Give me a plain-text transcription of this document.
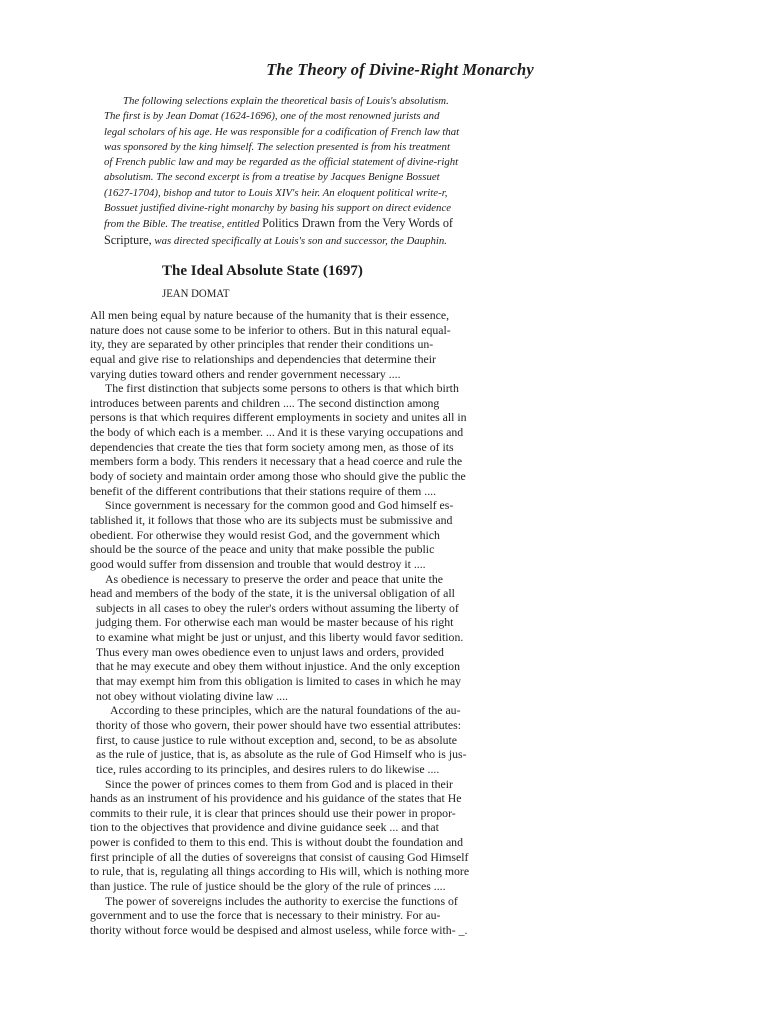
The Theory of Divine-Right Monarchy
The following selections explain the theoretical basis of Louis's absolutism.
The first is by Jean Domat (1624-1696), one of the most renowned jurists and
legal scholars of his age. He was responsible for a codification of French law that
was sponsored by the king himself. The selection presented is from his treatment
of French public law and may be regarded as the official statement of divine-right
absolutism. The second excerpt is from a treatise by Jacques Benigne Bossuet
(1627-1704), bishop and tutor to Louis XIV's heir. An eloquent political write-r,
Bossuet justified divine-right monarchy by basing his support on direct evidence
from the Bible. The treatise, entitled Politics Drawn from the Very Words of
Scripture, was directed specifically at Louis's son and successor, the Dauphin.
The Ideal Absolute State (1697)
JEAN DOMAT
All men being equal by nature because of the humanity that is their essence,
nature does not cause some to be inferior to others. But in this natural equal-
ity, they are separated by other principles that render their conditions un-
equal and give rise to relationships and dependencies that determine their
varying duties toward others and render government necessary ....
The first distinction that subjects some persons to others is that which birth
introduces between parents and children .... The second distinction among
persons is that which requires different employments in society and unites all in
the body of which each is a member. ... And it is these varying occupations and
dependencies that create the ties that form society among men, as those of its
members form a body. This renders it necessary that a head coerce and rule the
body of society and maintain order among those who should give the public the
benefit of the different contributions that their stations require of them ....
Since government is necessary for the common good and God himself es-
tablished it, it follows that those who are its subjects must be submissive and
obedient. For otherwise they would resist God, and the government which
should be the source of the peace and unity that make possible the public
good would suffer from dissension and trouble that would destroy it ....
As obedience is necessary to preserve the order and peace that unite the
head and members of the body of the state, it is the universal obligation of all
subjects in all cases to obey the ruler's orders without assuming the liberty of
judging them. For otherwise each man would be master because of his right
to examine what might be just or unjust, and this liberty would favor sedition.
Thus every man owes obedience even to unjust laws and orders, provided
that he may execute and obey them without injustice. And the only exception
that may exempt him from this obligation is limited to cases in which he may
not obey without violating divine law ....
According to these principles, which are the natural foundations of the au-
thority of those who govern, their power should have two essential attributes:
first, to cause justice to rule without exception and, second, to be as absolute
as the rule of justice, that is, as absolute as the rule of God Himself who is jus-
tice, rules according to its principles, and desires rulers to do likewise ....
Since the power of princes comes to them from God and is placed in their
hands as an instrument of his providence and his guidance of the states that He
commits to their rule, it is clear that princes should use their power in propor-
tion to the objectives that providence and divine guidance seek ... and that
power is confided to them to this end. This is without doubt the foundation and
first principle of all the duties of sovereigns that consist of causing God Himself
to rule, that is, regulating all things according to His will, which is nothing more
than justice. The rule of justice should be the glory of the rule of princes ....
The power of sovereigns includes the authority to exercise the functions of
government and to use the force that is necessary to their ministry. For au-
thority without force would be despised and almost useless, while force with- _.
